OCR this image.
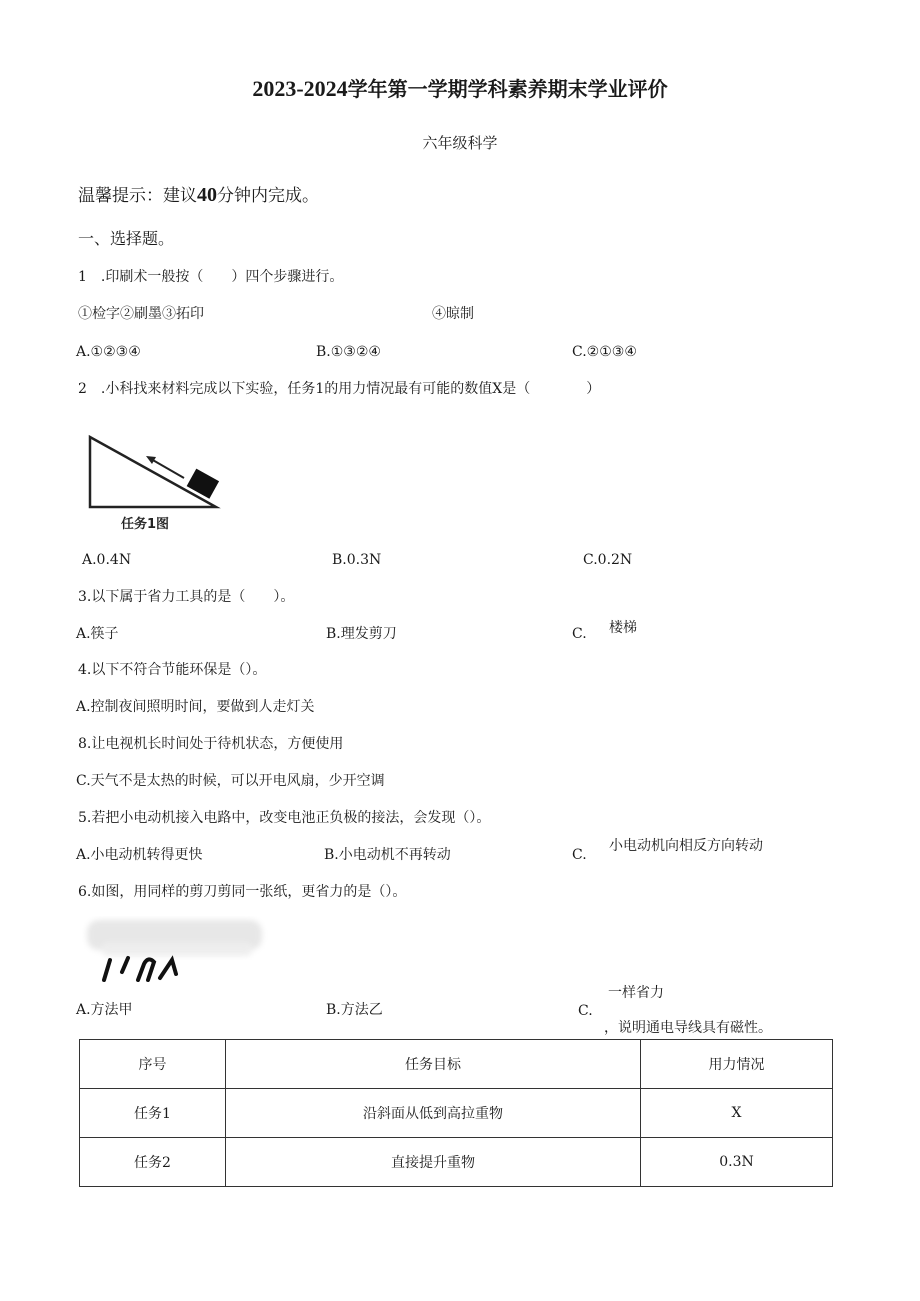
2023-2024学年第一学期学科素养期末学业评价
六年级科学
温馨提示：建议40分钟内完成。
一、选择题。
1　.印刷术一般按（　　）四个步骤进行。
①检字②刷墨③拓印	④晾制
A.①②③④	B.①③②④	C.②①③④
2　.小科找来材料完成以下实验，任务1的用力情况最有可能的数值X是（　　　　）
任务1图
A.0.4N	B.0.3N	C.0.2N
3.以下属于省力工具的是（　　）。
A.筷子	B.理发剪刀	C. 楼梯
4.以下不符合节能环保是（）。
A.控制夜间照明时间，要做到人走灯关
8.让电视机长时间处于待机状态，方便使用
C.天气不是太热的时候，可以开电风扇，少开空调
5.若把小电动机接入电路中，改变电池正负极的接法，会发现（）。
A.小电动机转得更快	B.小电动机不再转动	C.
小电动机向相反方向转动
6.如图，用同样的剪刀剪同一张纸，更省力的是（）。
A.方法甲	B.方法乙	C.
一样省力
，说明通电导线具有磁性。
序号	任务目标	用力情况
任务1	沿斜面从低到高拉重物	X
任务2	直接提升重物	0.3N
